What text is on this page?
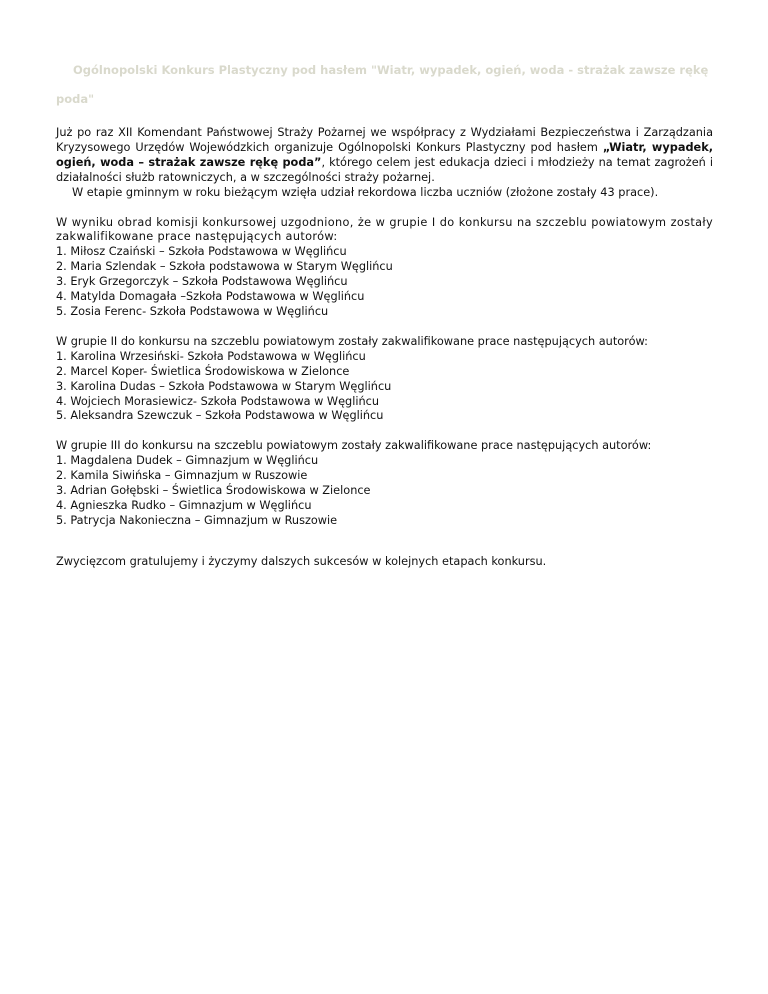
Ogólnopolski Konkurs Plastyczny pod hasłem "Wiatr, wypadek, ogień, woda - strażak zawsze rękę poda"

Już po raz XII Komendant Państwowej Straży Pożarnej we współpracy z Wydziałami Bezpieczeństwa i Zarządzania Kryzysowego Urzędów Wojewódzkich organizuje Ogólnopolski Konkurs Plastyczny pod hasłem „Wiatr, wypadek, ogień, woda – strażak zawsze rękę poda”, którego celem jest edukacja dzieci i młodzieży na temat zagrożeń i działalności służb ratowniczych, a w szczególności straży pożarnej.

W etapie gminnym w roku bieżącym wzięła udział rekordowa liczba uczniów (złożone zostały 43 prace).

W wyniku obrad komisji konkursowej uzgodniono, że w grupie I do konkursu na szczeblu powiatowym zostały zakwalifikowane prace następujących autorów:

1. Miłosz Czaiński – Szkoła Podstawowa w Węglińcu
2. Maria Szlendak – Szkoła podstawowa w Starym Węglińcu
3. Eryk Grzegorczyk – Szkoła Podstawowa Węglińcu
4. Matylda Domagała –Szkoła Podstawowa w Węglińcu
5. Zosia Ferenc- Szkoła Podstawowa w Węglińcu

W grupie II do konkursu na szczeblu powiatowym zostały zakwalifikowane prace następujących autorów:

1. Karolina Wrzesiński- Szkoła Podstawowa w Węglińcu
2. Marcel Koper- Świetlica Środowiskowa w Zielonce
3. Karolina Dudas – Szkoła Podstawowa w Starym Węglińcu
4. Wojciech Morasiewicz- Szkoła Podstawowa w Węglińcu
5. Aleksandra Szewczuk – Szkoła Podstawowa w Węglińcu

W grupie III do konkursu na szczeblu powiatowym zostały zakwalifikowane prace następujących autorów:

1. Magdalena Dudek – Gimnazjum w Węglińcu
2. Kamila Siwińska – Gimnazjum w Ruszowie
3. Adrian Gołębski – Świetlica Środowiskowa w Zielonce
4. Agnieszka Rudko – Gimnazjum w Węglińcu
5. Patrycja Nakonieczna – Gimnazjum w Ruszowie

Zwycięzcom gratulujemy i życzymy dalszych sukcesów w kolejnych etapach konkursu.
